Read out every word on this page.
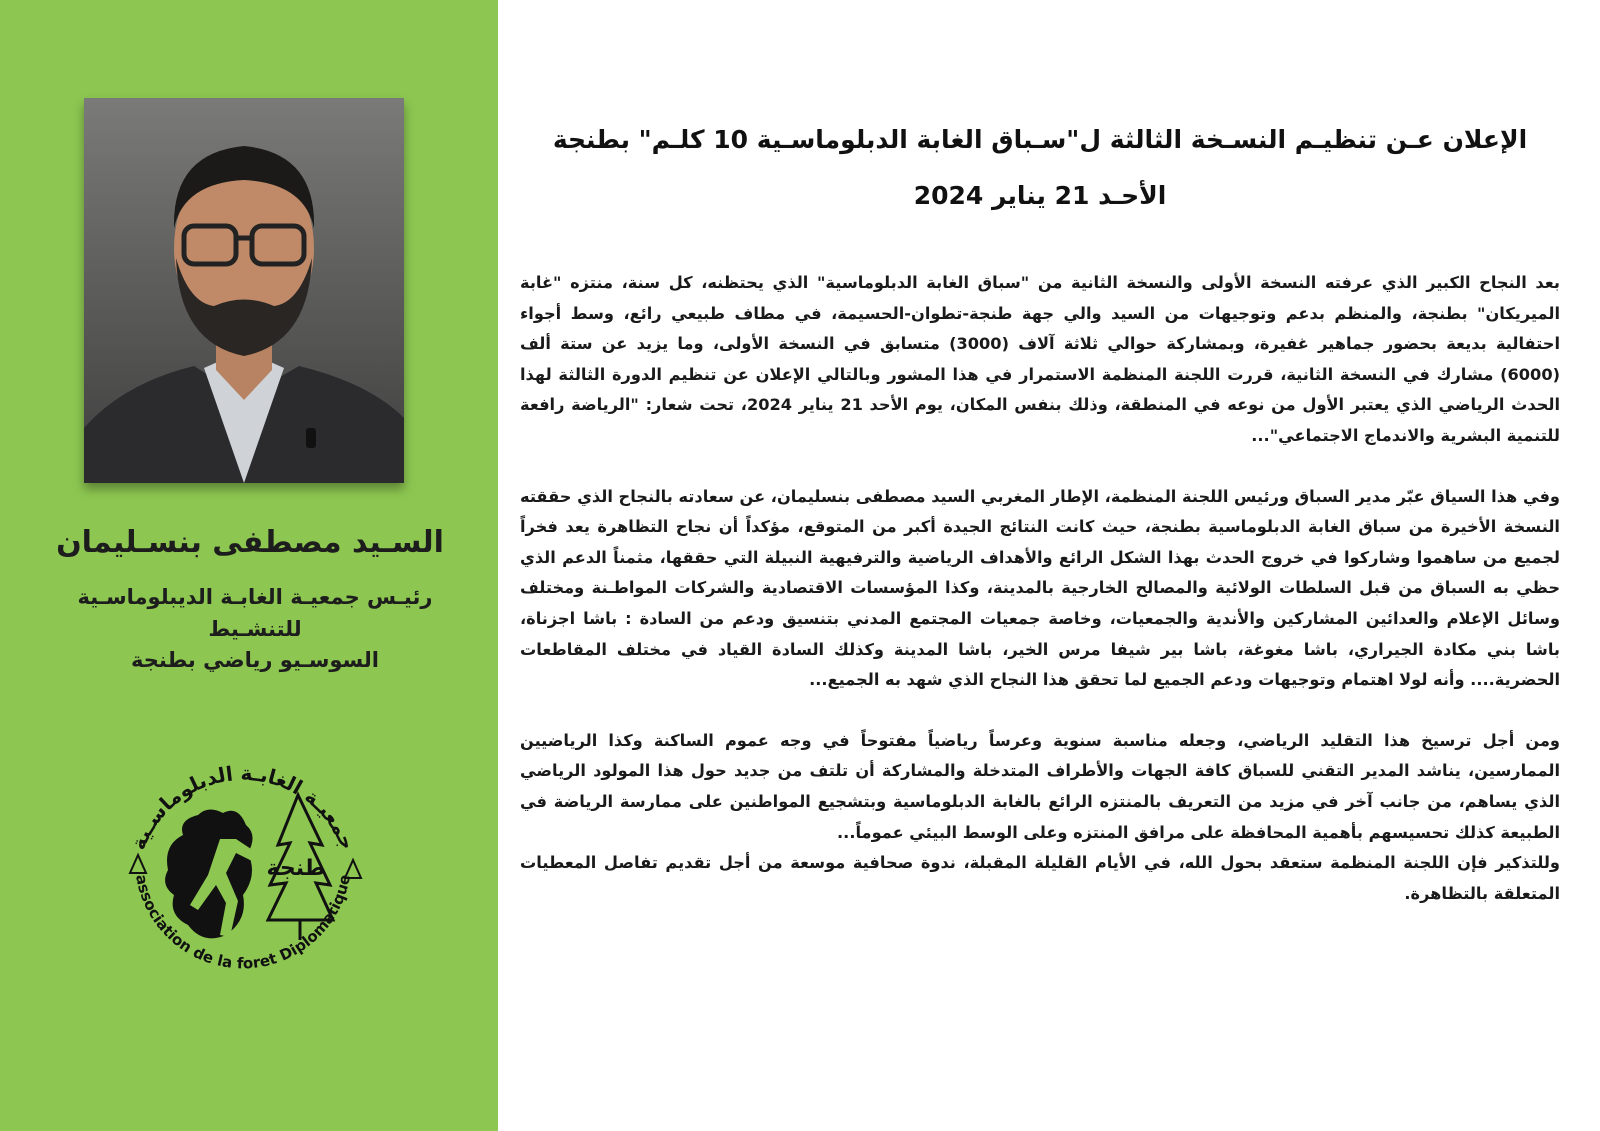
السـيد مصطفى بنسـليمان

رئيـس جمعيـة الغابـة الديبلوماسـية للتنشـيط
السوسـيو رياضي بطنجة

جمعيـة الغابـة الدبلوماسـية
association de la foret Diplomatique
طنجة
الإعلان عـن تنظيـم النسـخة الثالثة ل"سـباق الغابة الدبلوماسـية 10 كلـم" بطنجة
الأحـد 21 يناير 2024

بعد النجاح الكبير الذي عرفته النسخة الأولى والنسخة الثانية من "سباق الغابة الدبلوماسية" الذي يحتظنه، كل سنة، منتزه "غابة الميريكان" بطنجة، والمنظم بدعم وتوجيهات من السيد والي جهة طنجة-تطوان-الحسيمة، في مطاف طبيعي رائع، وسط أجواء احتفالية بديعة بحضور جماهير غفيرة، وبمشاركة حوالي ثلاثة آلاف (3000) متسابق في النسخة الأولى، وما يزيد عن ستة ألف (6000) مشارك في النسخة الثانية، قررت اللجنة المنظمة الاستمرار في هذا المشور وبالتالي الإعلان عن تنظيم الدورة الثالثة لهذا الحدث الرياضي الذي يعتبر الأول من نوعه في المنطقة، وذلك بنفس المكان، يوم الأحد 21 يناير 2024، تحت شعار: "الرياضة رافعة للتنمية البشرية والاندماج الاجتماعي"...

وفي هذا السياق عبّر مدير السباق ورئيس اللجنة المنظمة، الإطار المغربي السيد مصطفى بنسليمان، عن سعادته بالنجاح الذي حققته النسخة الأخيرة من سباق الغابة الدبلوماسية بطنجة، حيث كانت النتائج الجيدة أكبر من المتوقع، مؤكداً أن نجاح التظاهرة يعد فخراً لجميع من ساهموا وشاركوا في خروج الحدث بهذا الشكل الرائع والأهداف الرياضية والترفيهية النبيلة التي حققها، مثمناً الدعم الذي حظي به السباق من قبل السلطات الولائية والمصالح الخارجية بالمدينة، وكذا المؤسسات الاقتصادية والشركات المواطـنة ومختلف وسائل الإعلام والعدائين المشاركين والأندية والجمعيات، وخاصة جمعيات المجتمع المدني بتنسيق ودعم من السادة : باشا اجزناة، باشا بني مكادة الجيراري، باشا مغوغة، باشا بير شيفا مرس الخير، باشا المدينة وكذلك السادة القياد في مختلف المقاطعات الحضرية.... وأنه لولا اهتمام وتوجيهات ودعم الجميع لما تحقق هذا النجاح الذي شهد به الجميع...

ومن أجل ترسيخ هذا التقليد الرياضي، وجعله مناسبة سنوية وعرساً رياضياً مفتوحاً في وجه عموم الساكنة وكذا الرياضيين الممارسين، يناشد المدير التقني للسباق كافة الجهات والأطراف المتدخلة والمشاركة أن تلتف من جديد حول هذا المولود الرياضي الذي يساهم، من جانب آخر في مزيد من التعريف بالمنتزه الرائع بالغابة الدبلوماسية وبتشجيع المواطنين على ممارسة الرياضة في الطبيعة كذلك تحسيسهم بأهمية المحافظة على مرافق المنتزه وعلى الوسط البيئي عموماً...

وللتذكير فإن اللجنة المنظمة ستعقد بحول الله، في الأيام القليلة المقبلة، ندوة صحافية موسعة من أجل تقديم تفاصل المعطيات المتعلقة بالتظاهرة.
